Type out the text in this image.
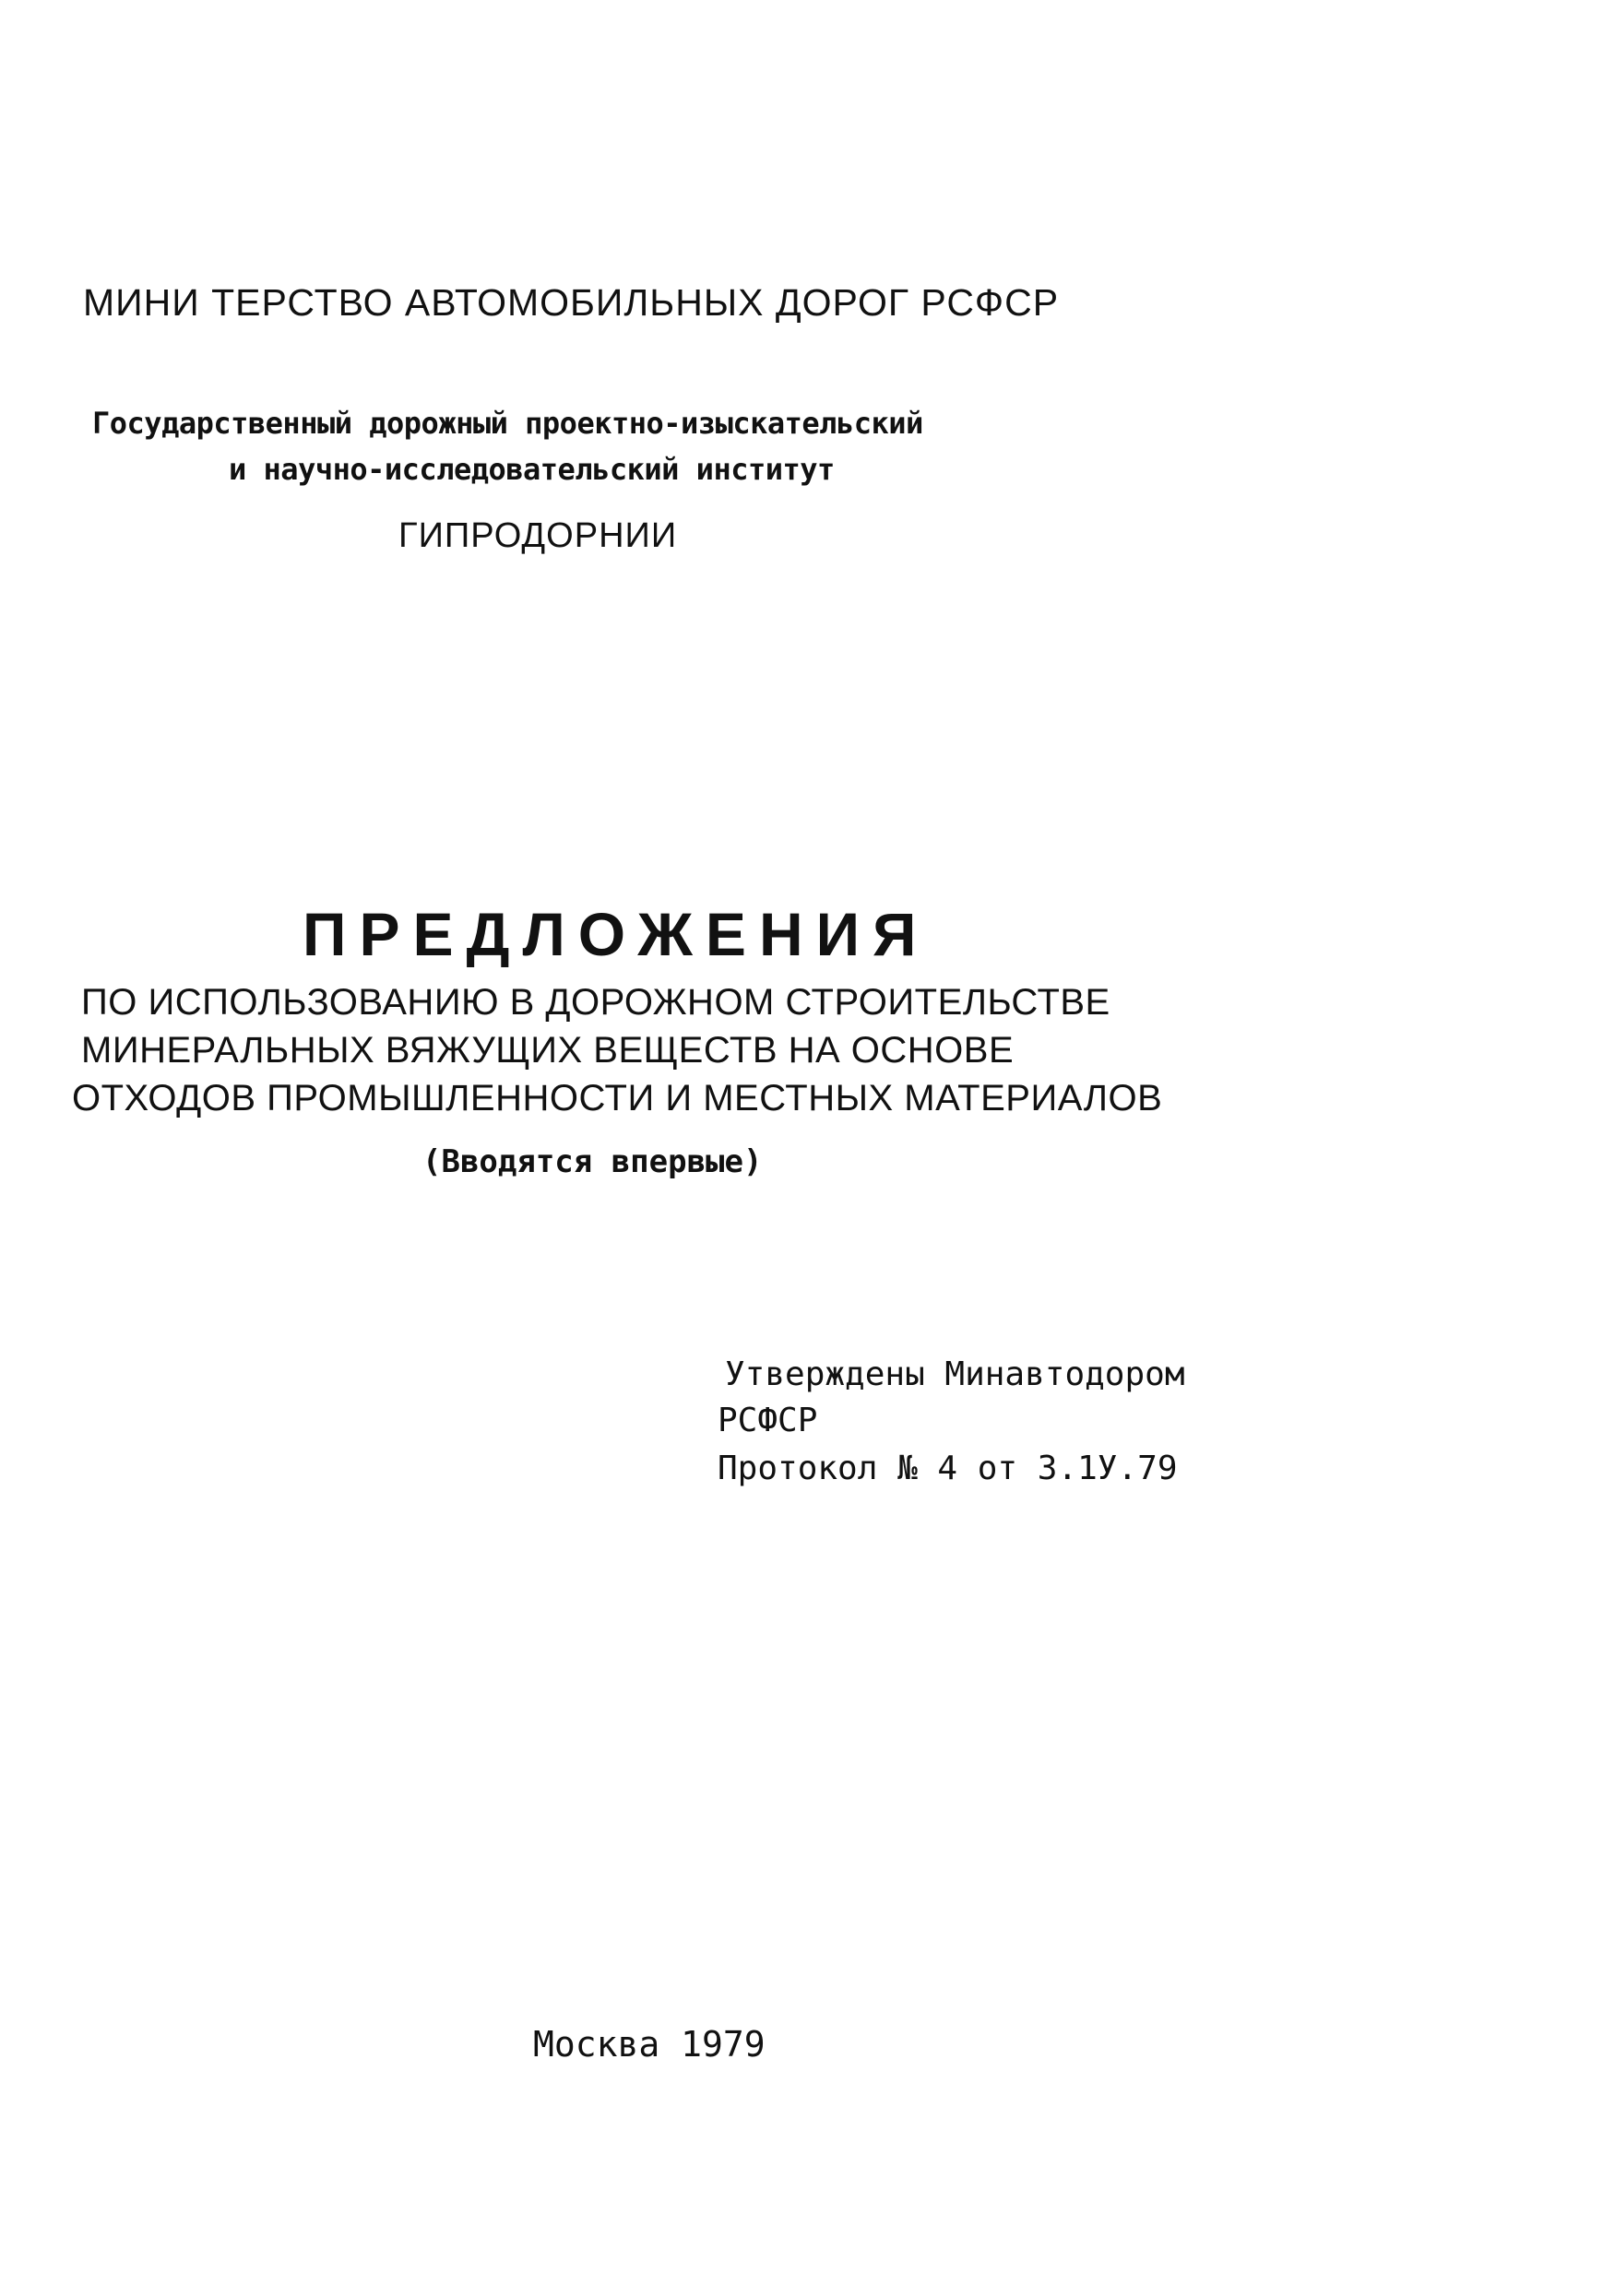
МИНИ ТЕРСТВО АВТОМОБИЛЬНЫХ ДОРОГ РСФСР

Государственный дорожный проектно-изыскательский

и научно-исследовательский институт

ГИПРОДОРНИИ

ПРЕДЛОЖЕНИЯ

ПО ИСПОЛЬЗОВАНИЮ В ДОРОЖНОМ СТРОИТЕЛЬСТВЕ

МИНЕРАЛЬНЫХ ВЯЖУЩИХ ВЕЩЕСТВ НА ОСНОВЕ

ОТХОДОВ ПРОМЫШЛЕННОСТИ И МЕСТНЫХ МАТЕРИАЛОВ

(Вводятся впервые)

Утверждены Минавтодором

РСФСР

Протокол № 4 от 3.1У.79

Москва 1979
